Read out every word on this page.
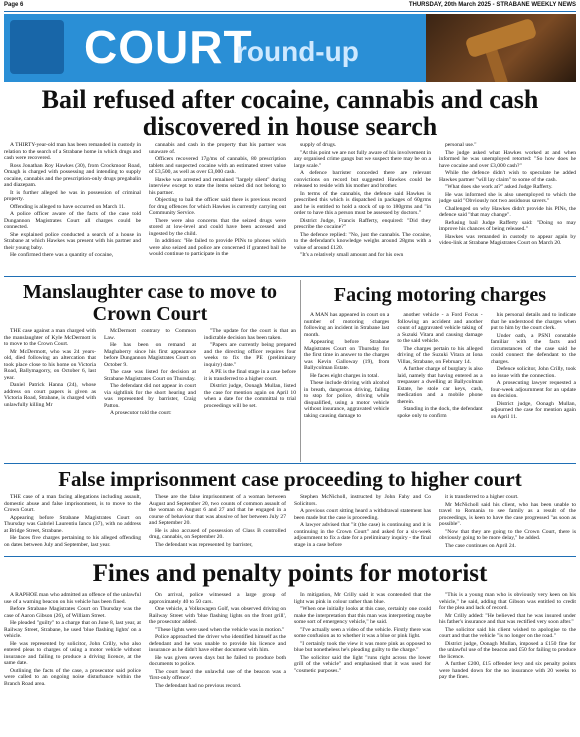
Page 6	THURSDAY, 20th March 2025 - STRABANE WEEKLY NEWS
COURT
round-up
Bail refused after cocaine, cannabis and cash discovered in house search

A THIRTY-year-old man has been remanded in custody in relation to the search of a Strabane home in which drugs and cash were recovered.

Ross Jonathan Roy Hawkes (30), from Crockmoor Road, Omagh is charged with possessing and intending to supply cocaine, cannabis and the prescription-only drugs pregabalin and diazepam.

It is further alleged he was in possession of criminal property.

Offending is alleged to have occurred on March 11.

A police officer aware of the facts of the case told Dungannon Magistrates Court all charges could be connected.

She explained police conducted a search of a house in Strabane at which Hawkes was present with his partner and their young baby.

He confirmed there was a quantity of cocaine,

cannabis and cash in the property that his partner was unaware of.

Officers recovered 17g/ms of cannabis, 80 prescription tablets and suspected cocaine with an estimated street value of £3,500, as well as over £3,000 cash.

Hawke was arrested and remained "largely silent" during interview except to state the items seized did not belong to his partner.

Objecting to bail the officer said there is previous record for drug offences for which Hawkes is currently carrying out Community Service.

There were also concerns that the seized drugs were stored at low-level and could have been accessed and ingested by the child.

In addition: "He failed to provide PINs to phones which were also seized and police are concerned if granted bail he would continue to participate in the

supply of drugs.

"At this point we are not fully aware of his involvement in any organised crime gangs but we suspect there may be on a large scale."

A defence barrister conceded there are relevant convictions on record but suggested Hawkes could be released to reside with his mother and brother.

In terms of the cannabis, the defence said Hawkes is prescribed this which is dispatched in packages of 60grms and he is entitled to hold a stock of up to 180grms and "in order to have this a person must be assessed by doctors."

District Judge, Francis Rafferty, enquired: "Did they prescribe the cocaine?"

The defence replied: "No, just the cannabis. The cocaine, to the defendant's knowledge weighs around 28gms with a value of around £120.

"It's a relatively small amount and for his own

personal use."

The judge asked what Hawkes worked at and when informed he was unemployed retorted: "So how does he have cocaine and over £3,000 cash?"

While the defence didn't wish to speculate he added Hawkes partner "will lay claim" to some of the cash.

"What does she work at?" asked Judge Rafferty.

He was informed she is also unemployed to which the judge said "Obviously not two assiduous savers."

Challenged on why Hawkes didn't provide his PINs, the defence said "that may change".

Refusing bail Judge Rafferty said: "Doing so may improve his chances of being released."

Hawkes was remanded in custody to appear again by video-link at Strabane Magistrates Court on March 20.

Manslaughter case to move to Crown Court

THE case against a man charged with the manslaughter of Kyle McDermott is to move to the Crown Court.

Mr McDermott, who was 24 years-old, died following an altercation that took place close to his home on Victoria Road, Ballymagorry, on October 6, last year.

Daniel Patrick Hanna (24), whose address on court papers is given as Victoria Road, Strabane, is charged with unlawfully killing Mr

McDermott contrary to Common Law.

He has been on remand at Maghaberry since his first appearance before Dungannon Magistrates Court on October 9.

The case was listed for decision at Strabane Magistrates Court on Thursday.

The defendant did not appear in court via sightlink for the short hearing and was represented by barrister, Craig Patton.

A prosecutor told the court:

"The update for the court is that an indictable decision has been taken.

"Papers are currently being prepared and the directing officer requires four weeks to fix the PE (preliminary inquiry) date."

A PE is the final stage in a case before it is transferred to a higher court.

District judge, Oonagh Mullan, listed the case for mention again on April 10 when a date for the committal to trial proceedings will be set.

Facing motoring charges

A MAN has appeared in court on a number of motoring charges following an incident in Strabane last month.

Appearing before Strabane Magistrates Court on Thursday for the first time in answer to the charges was Kevin Galloway (19), from Ballycolman Estate.

He faces eight charges in total.

These include driving with alcohol in breath, dangerous driving, failing to stop for police, driving while disqualified, using a motor vehicle without insurance, aggravated vehicle taking causing damage to

another vehicle - a Ford Focus - following an accident and another count of aggravated vehicle taking of a Suzuki Vitara and causing damage to the said vehicle.

The charges pertain to his alleged driving of the Suzuki Vitara at Iona Villas, Strabane, on February 14.

A further charge of burglary is also laid, namely that having entered as a trespasser a dwelling at Ballycolman Estate, he stole car keys, cash, medication and a mobile phone therein.

Standing in the dock, the defendant spoke only to confirm

his personal details and to indicate that he understood the charges when put to him by the court clerk.

Under oath, a PSNI constable familiar with the facts and circumstances of the case said he could connect the defendant to the charges.

Defence solicitor, John Crilly, took no issue with the connection.

A prosecuting lawyer requested a four-week adjournment for an update on decision.

District judge, Oonagh Mullan, adjourned the case for mention again on April 11.

False imprisonment case proceeding to higher court

THE case of a man facing allegations including assault, domestic abuse and false imprisonment, is to move to the Crown Court.

Appearing before Strabane Magistrates Court on Thursday was Gabriel Laurentiu Iancu (37), with no address at Bridge Street, Strabane.

He faces five charges pertaining to his alleged offending on dates between July and September, last year.

These are the false imprisonment of a woman between August and September 20, two counts of common assault of the woman on August 6 and 27 and that he engaged in a course of behaviour that was abusive of her between July 27 and September 20.

He is also accused of possession of Class B controlled drug, cannabis, on September 20.

The defendant was represented by barrister,

Stephen McNicholl, instructed by John Fahy and Co Solicitors.

A previous court sitting heard a withdrawal statement has been made but the case is proceeding.

A lawyer advised that "it (the case) is continuing and it is continuing in the Crown Court" and asked for a six-week adjournment to fix a date for a preliminary inquiry - the final stage in a case before

it is transferred to a higher court.

Mr McNicholl said his client, who has been unable to travel to Romania to see family as a result of the proceedings, is keen to have the case progressed "as soon as possible".

"Now that they are going to the Crown Court, there is obviously going to be more delay," he added.

The case continues on April 24.

Fines and penalty points for motorist

A RAPHOE man who admitted an offence of the unlawful use of a warning beacon on his vehicle has been fined.

Before Strabane Magistrates Court on Thursday was the case of Aaron Gibson (26), of William Street.

He pleaded "guilty" to a charge that on June 8, last year, at Railway Street, Strabane, he used 'blue flashing lights' on a vehicle.

He was represented by solicitor, John Crilly, who also entered pleas to charges of using a motor vehicle without insurance and failing to produce a driving licence, at the same date.

Outlining the facts of the case, a prosecutor said police were called to an ongoing noise disturbance within the Branch Road area.

On arrival, police witnessed a large group of approximately 40 to 50 cars.

One vehicle, a Volkswagen Golf, was observed driving on Railway Street with 'blue flashing lights on the front grill', the prosecutor added.

"These lights were used when the vehicle was in motion."

Police approached the driver who identified himself as the defendant and he was unable to provide his licence and insurance as he didn't have either document with him.

He was given seven days but he failed to produce both documents to police.

The court heard the unlawful use of the beacon was a 'first-only offence'.

The defendant had no previous record.

In mitigation, Mr Crilly said it was contended that the light was pink in colour rather than blue.

"When one initially looks at this case, certainly one could make the interpretation that this man was interpreting maybe some sort of emergency vehicle," he said.

"I've actually seen a video of the vehicle. Firstly there was some confusion as to whether it was a blue or pink light.

"I certainly took the view it was more pink as opposed to blue but nonetheless he's pleading guilty to the charge."

The solicitor said the light "runs right across the lower grill of the vehicle" and emphasised that it was used for "cosmetic purposes."

"This is a young man who is obviously very keen on his vehicle," he said, adding that Gibson was entitled to credit for the plea and lack of record.

Mr Crilly added: "He believed that he was insured under his father's insurance and that was rectified very soon after."

The solicitor said his client wished to apologise to the court and that the vehicle "is no longer on the road."

District judge, Oonagh Mullan, imposed a £150 fine for the unlawful use of the beacon and £50 for failing to produce the licence.

A further £200, £15 offender levy and six penalty points were handed down for the no insurance with 20 weeks to pay the fines.
